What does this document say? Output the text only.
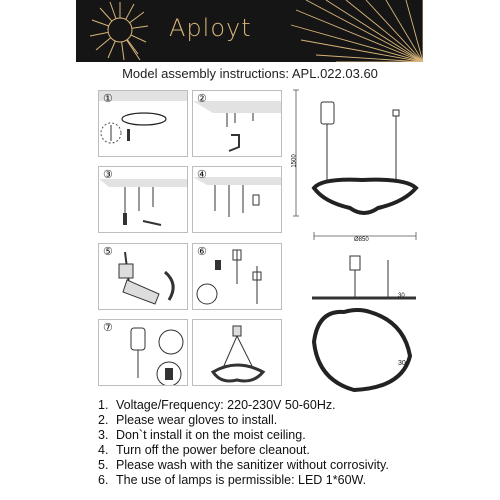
Aployt
Model assembly instructions: APL.022.03.60
①	②
③	④
⑤	⑥
⑦
1500
Ø850
30
30
1. Voltage/Frequency: 220-230V 50-60Hz.
2. Please wear gloves to install.
3. Don`t install it on the moist ceiling.
4. Turn off the power before cleanout.
5. Please wash with the sanitizer without corrosivity.
6. The use of lamps is permissible: LED 1*60W.
